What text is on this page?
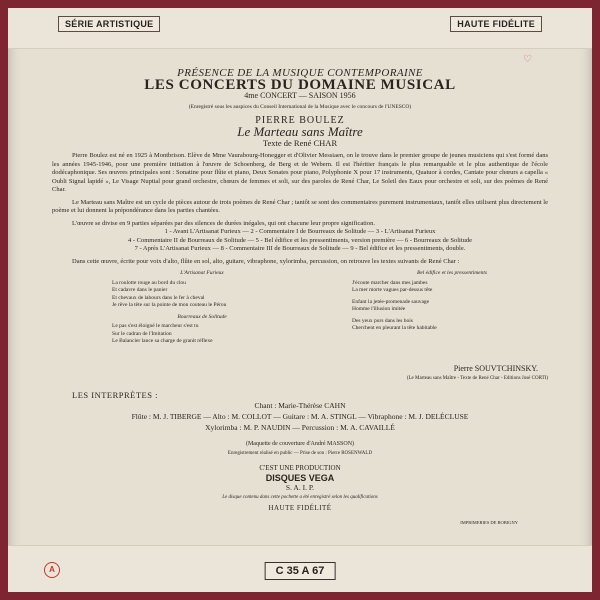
SÉRIE ARTISTIQUE	HAUTE FIDÉLITE
♡
PRÉSENCE DE LA MUSIQUE CONTEMPORAINE
LES CONCERTS DU DOMAINE MUSICAL
4me CONCERT — SAISON 1956
(Enregistré sous les auspices du Conseil International de la Musique avec le concours de l'UNESCO)
PIERRE BOULEZ
Le Marteau sans Maître
Texte de René CHAR
Pierre Boulez est né en 1925 à Montbrison. Elève de Mme Vaurabourg-Honegger et d'Olivier Messiaen, on le trouve dans le premier groupe de jeunes musiciens qui s'est formé dans les années 1945-1946, pour une première initiation à l'œuvre de Schoenberg, de Berg et de Webern. Il est l'héritier français le plus remarquable et le plus authentique de l'école dodécaphonique. Ses œuvres principales sont : Sonatine pour flûte et piano, Deux Sonates pour piano, Polyphonie X pour 17 instruments, Quatuor à cordes, Cantate pour chœurs a capella « Oubli Signal lapidé », Le Visage Nuptial pour grand orchestre, chœurs de femmes et soli, sur des paroles de René Char, Le Soleil des Eaux pour orchestre et soli, sur des poèmes de René Char.
Le Marteau sans Maître est un cycle de pièces autour de trois poèmes de René Char ; tantôt se sont des commentaires purement instrumentaux, tantôt elles utilisent plus directement le poème et lui donnent la prépondérance dans les parties chantées.
L'œuvre se divise en 9 parties séparées par des silences de durées inégales, qui ont chacune leur propre signification.
1 - Avant L'Artisanat Furieux — 2 - Commentaire I de Bourreaux de Solitude — 3 - L'Artisanat Furieux
4 - Commentaire II de Bourreaux de Solitude — 5 - Bel édifice et les pressentiments, version première — 6 - Bourreaux de Solitude
7 - Après L'Artisanat Furieux — 8 - Commentaire III de Bourreaux de Solitude — 9 - Bel édifice et les pressentiments, double.
Dans cette œuvre, écrite pour voix d'alto, flûte en sol, alto, guitare, vibraphone, xylorimba, percussion, on retrouve les textes suivants de René Char :
L'Artisanat Furieux
La roulotte rouge au bord du clou
Et cadavre dans le panier
Et chevaux de labours dans le fer à cheval
Je rêve la tête sur la pointe de mon couteau le Pérou
Bourreaux de Solitude
Le pas s'est éloigné le marcheur s'est tu
Sur le cadran de l'Imitation
Le Balancier lance sa charge de granit réflexe
Bel édifice et les pressentiments
J'écoute marcher dans mes jambes
La mer morte vagues par-dessus tête
Enfant la jetée-promenade sauvage
Homme l'illusion imitée
Des yeux purs dans les bois
Cherchent en pleurant la tête habitable
Pierre SOUVTCHINSKY.
(Le Marteau sans Maître - Texte de René Char - Editions José CORTI)
LES INTERPRÈTES :
Chant : Marie-Thérèse CAHN
Flûte : M. J. TIBERGE — Alto : M. COLLOT — Guitare : M. A. STINGL — Vibraphone : M. J. DELÉCLUSE
Xylorimba : M. P. NAUDIN — Percussion : M. A. CAVAILLÉ
(Maquette de couverture d'André MASSON)
Enregistrement réalisé en public — Prise de son : Pierre ROSENWALD
C'EST UNE PRODUCTION
DISQUES VEGA
S. A. I. P.
Le disque contenu dans cette pochette a été enregistré selon les qualifications
HAUTE FIDÉLITÉ
IMPRIMERIES DE BOBIGNY
A	C 35 A 67
